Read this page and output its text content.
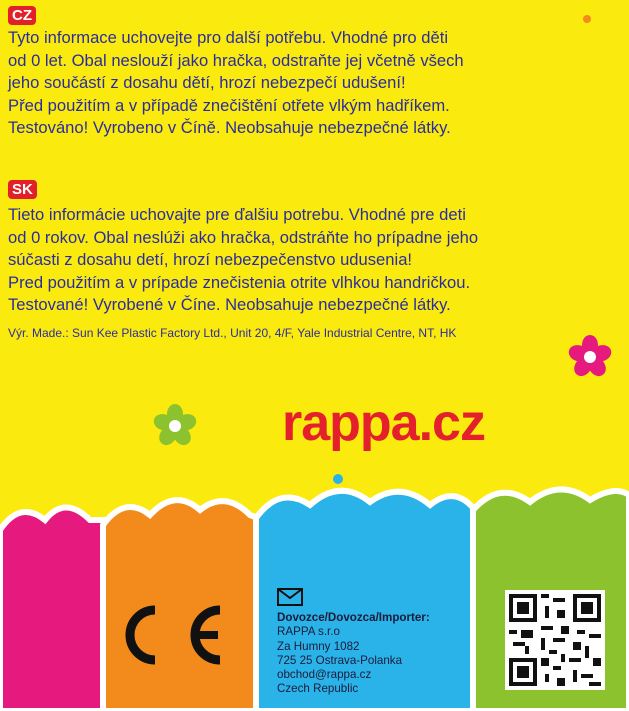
CZ
Tyto informace uchovejte pro další potřebu. Vhodné pro děti
od 0 let. Obal neslouží jako hračka, odstraňte jej včetně všech
jeho součástí z dosahu dětí, hrozí nebezpečí udušení!
Před použitím a v případě znečištění otřete vlkým hadříkem.
Testováno! Vyrobeno v Číně. Neobsahuje nebezpečné látky.
SK
Tieto informácie uchovajte pre ďalšiu potrebu. Vhodné pre deti
od 0 rokov. Obal neslúži ako hračka, odstráňte ho prípadne jeho
súčasti z dosahu detí, hrozí nebezpečenstvo udusenia!
Pred použitím a v prípade znečistenia otrite vlhkou handričkou.
Testované! Vyrobené v Číne. Neobsahuje nebezpečné látky.
Výr. Made.: Sun Kee Plastic Factory Ltd., Unit 20, 4/F, Yale Industrial Centre, NT, HK
rappa.cz
Dovozce/Dovozca/Importer:
RAPPA s.r.o
Za Humny 1082
725 25 Ostrava-Polanka
obchod@rappa.cz
Czech Republic
